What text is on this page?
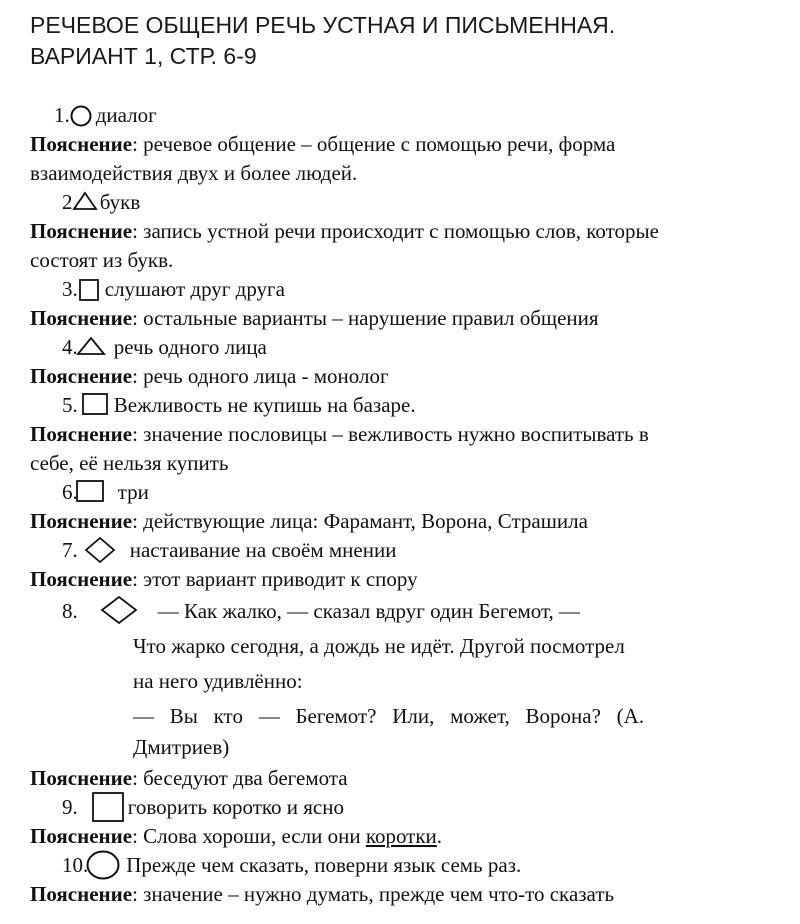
РЕЧЕВОЕ ОБЩЕНИ РЕЧЬ УСТНАЯ И ПИСЬМЕННАЯ.
ВАРИАНТ 1, СТР. 6-9
1. диалог
Пояснение: речевое общение – общение с помощью речи, форма
взаимодействия двух и более людей.
2. букв
Пояснение: запись устной речи происходит с помощью слов, которые
состоят из букв.
3. слушают друг друга
Пояснение: остальные варианты – нарушение правил общения
4. речь одного лица
Пояснение: речь одного лица - монолог
5. Вежливость не купишь на базаре.
Пояснение: значение пословицы – вежливость нужно воспитывать в
себе, её нельзя купить
6. три
Пояснение: действующие лица: Фарамант, Ворона, Страшила
7. настаивание на своём мнении
Пояснение: этот вариант приводит к спору
8.	— Как жалко, — сказал вдруг один Бегемот, —
Что жарко сегодня, а дождь не идёт. Другой посмотрел
на него удивлённо:
—   Вы   кто   —   Бегемот?   Или,   может,   Ворона?   (А.
Дмитриев)
Пояснение: беседуют два бегемота
9. говорить коротко и ясно
Пояснение: Слова хороши, если они коротки.
10. Прежде чем сказать, поверни язык семь раз.
Пояснение: значение – нужно думать, прежде чем что-то сказать
